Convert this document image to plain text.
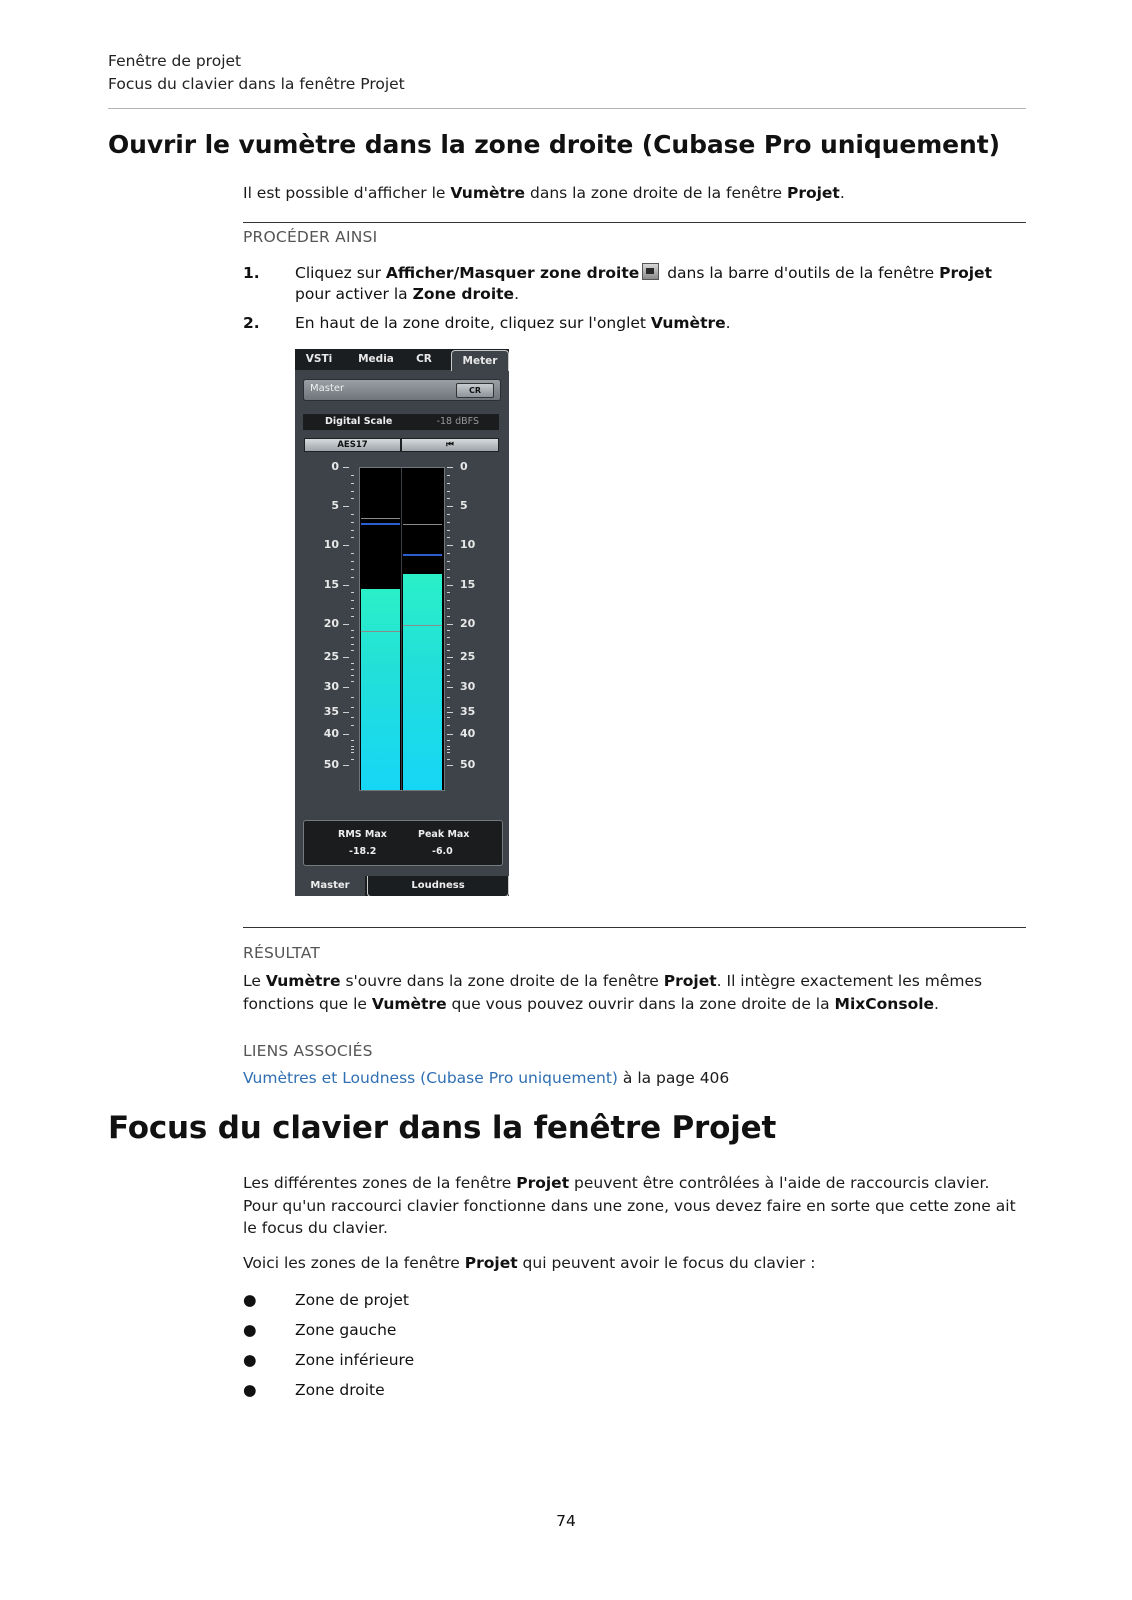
Fenêtre de projet
Focus du clavier dans la fenêtre Projet
Ouvrir le vumètre dans la zone droite (Cubase Pro uniquement)
Il est possible d'afficher le Vumètre dans la zone droite de la fenêtre Projet.
PROCÉDER AINSI
1. Cliquez sur Afficher/Masquer zone droite dans la barre d'outils de la fenêtre Projet pour activer la Zone droite.
2. En haut de la zone droite, cliquez sur l'onglet Vumètre.
VSTi	Media	CR	Meter
Master	CR
Digital Scale	-18 dBFS
AES17	⏮
0	0
5	5
10	10
15	15
20	20
25	25
30	30
35	35
40	40
50	50
RMS Max	Peak Max
-18.2	-6.0
Master	Loudness
RÉSULTAT
Le Vumètre s'ouvre dans la zone droite de la fenêtre Projet. Il intègre exactement les mêmes fonctions que le Vumètre que vous pouvez ouvrir dans la zone droite de la MixConsole.
LIENS ASSOCIÉS
Vumètres et Loudness (Cubase Pro uniquement) à la page 406
Focus du clavier dans la fenêtre Projet
Les différentes zones de la fenêtre Projet peuvent être contrôlées à l'aide de raccourcis clavier. Pour qu'un raccourci clavier fonctionne dans une zone, vous devez faire en sorte que cette zone ait le focus du clavier.
Voici les zones de la fenêtre Projet qui peuvent avoir le focus du clavier :
● Zone de projet
● Zone gauche
● Zone inférieure
● Zone droite
74
